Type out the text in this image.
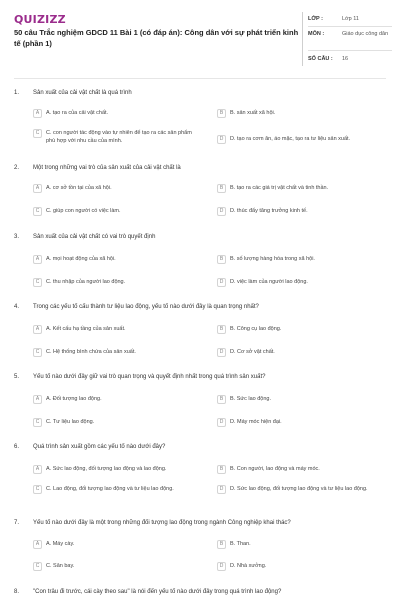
QUIZIZZ
50 câu Trắc nghiệm GDCD 11 Bài 1 (có đáp án): Công dân với sự phát triển kinh tế (phần 1)
LỚP :	Lớp 11
MÔN :	Giáo dục công dân
SỐ CÂU : 16
1. Sản xuất của cải vật chất là quá trình
A	A. tạo ra của cải vật chất.	B	B. sản xuất xã hội.
C	C. con người tác động vào tự nhiên để tạo ra các sản phẩm phù hợp với nhu cầu của mình.	D	D. tạo ra cơm ăn, áo mặc, tạo ra tư liệu sản xuất.
2. Một trong những vai trò của sản xuất của cải vật chất là
A	A. cơ sở tồn tại của xã hội.	B	B. tạo ra các giá trị vật chất và tinh thần.
C	C. giúp con người có việc làm.	D	D. thúc đẩy tăng trưởng kinh tế.
3. Sản xuất của cải vật chất có vai trò quyết định
A	A. mọi hoạt động của xã hội.	B	B. số lượng hàng hóa trong xã hội.
C	C. thu nhập của người lao động.	D	D. việc làm của người lao động.
4. Trong các yếu tố cấu thành tư liệu lao động, yếu tố nào dưới đây là quan trọng nhất?
A	A. Kết cấu hạ tầng của sản xuất.	B	B. Công cụ lao động.
C	C. Hệ thống bình chứa của sản xuất.	D	D. Cơ sở vật chất.
5. Yếu tố nào dưới đây giữ vai trò quan trọng và quyết định nhất trong quá trình sản xuất?
A	A. Đối tượng lao động.	B	B. Sức lao động.
C	C. Tư liệu lao động.	D	D. Máy móc hiện đại.
6. Quá trình sản xuất gồm các yếu tố nào dưới đây?
A	A. Sức lao động, đối tượng lao động và lao động.	B	B. Con người, lao động và máy móc.
C	C. Lao động, đối tượng lao động và tư liệu lao động.	D	D. Sức lao động, đối tượng lao động và tư liệu lao động.
7. Yếu tố nào dưới đây là một trong những đối tượng lao động trong ngành Công nghiệp khai thác?
A	A. Máy cày.	B	B. Than.
C	C. Sân bay.	D	D. Nhà xưởng.
8. "Con trâu đi trước, cái cày theo sau" là nói đến yếu tố nào dưới đây trong quá trình lao động?
